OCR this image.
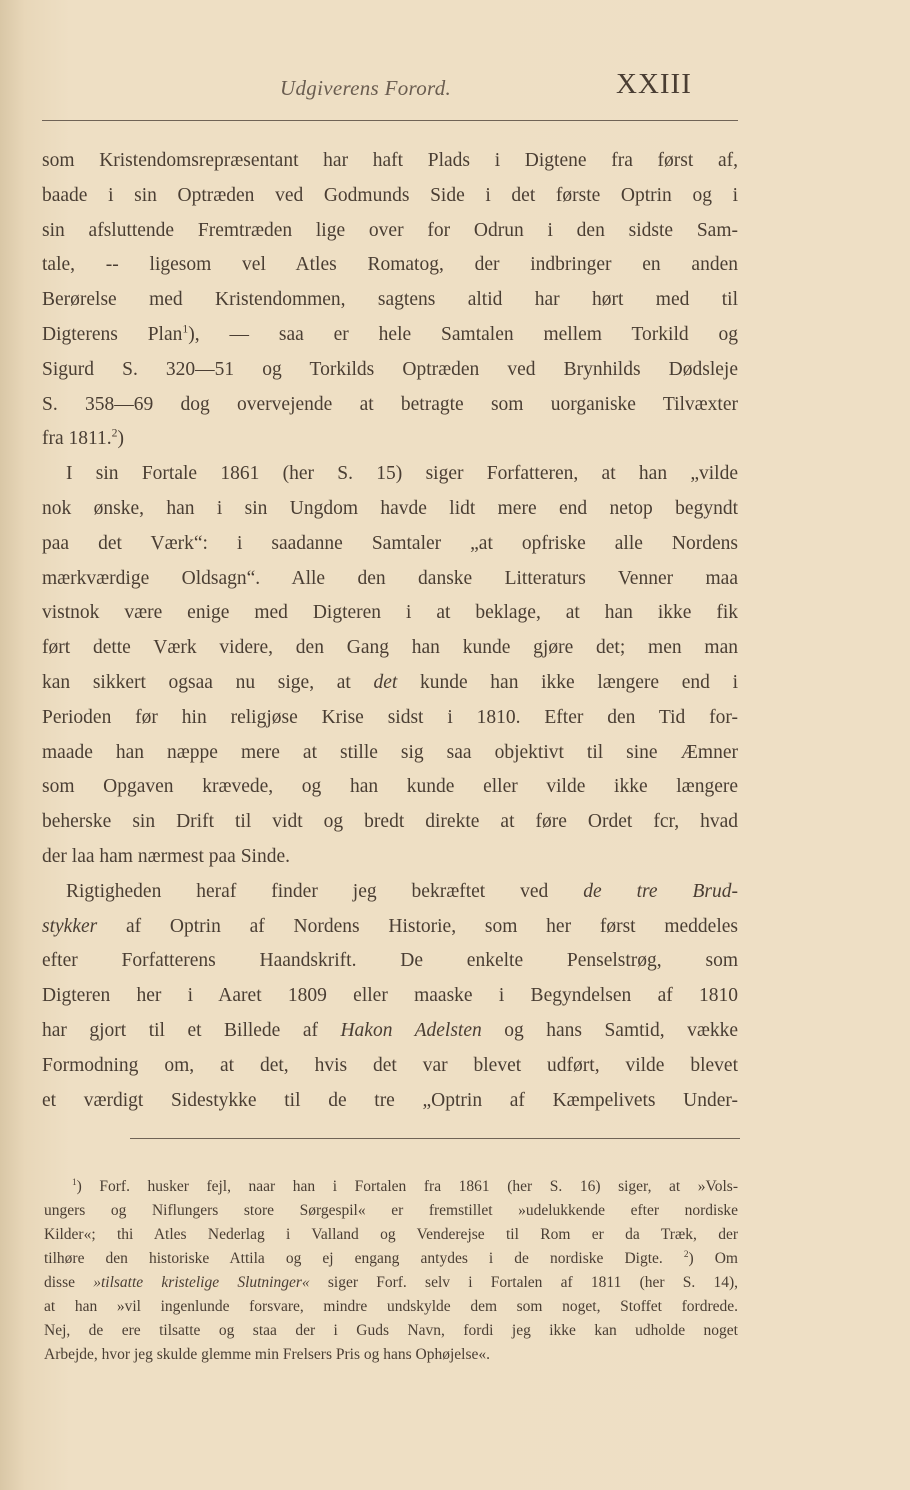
Udgiverens Forord.	XXIII
som Kristendomsrepræsentant har haft Plads i Digtene fra først af,
baade i sin Optræden ved Godmunds Side i det første Optrin og i
sin afsluttende Fremtræden lige over for Odrun i den sidste Sam-
tale, -- ligesom vel Atles Romatog, der indbringer en anden
Berørelse med Kristendommen, sagtens altid har hørt med til
Digterens Plan$^1$), — saa er hele Samtalen mellem Torkild og
Sigurd S. 320—51 og Torkilds Optræden ved Brynhilds Dødsleje
S. 358—69 dog overvejende at betragte som uorganiske Tilvæxter
fra 1811.$^2$)
I sin Fortale 1861 (her S. 15) siger Forfatteren, at han „vilde
nok ønske, han i sin Ungdom havde lidt mere end netop begyndt
paa det Værk“: i saadanne Samtaler „at opfriske alle Nordens
mærkværdige Oldsagn“. Alle den danske Litteraturs Venner maa
vistnok være enige med Digteren i at beklage, at han ikke fik
ført dette Værk videre, den Gang han kunde gjøre det; men man
kan sikkert ogsaa nu sige, at det kunde han ikke længere end i
Perioden før hin religjøse Krise sidst i 1810. Efter den Tid for-
maade han næppe mere at stille sig saa objektivt til sine Æmner
som Opgaven krævede, og han kunde eller vilde ikke længere
beherske sin Drift til vidt og bredt direkte at føre Ordet fcr, hvad
der laa ham nærmest paa Sinde.
Rigtigheden heraf finder jeg bekræftet ved de tre Brud-
stykker af Optrin af Nordens Historie, som her først meddeles
efter Forfatterens Haandskrift. De enkelte Penselstrøg, som
Digteren her i Aaret 1809 eller maaske i Begyndelsen af 1810
har gjort til et Billede af Hakon Adelsten og hans Samtid, vække
Formodning om, at det, hvis det var blevet udført, vilde blevet
et værdigt Sidestykke til de tre „Optrin af Kæmpelivets Under-
$^1$) Forf. husker fejl, naar han i Fortalen fra 1861 (her S. 16) siger, at »Vols-
ungers og Niflungers store Sørgespil« er fremstillet »udelukkende efter nordiske
Kilder«; thi Atles Nederlag i Valland og Venderejse til Rom er da Træk, der
tilhøre den historiske Attila og ej engang antydes i de nordiske Digte. $^2$) Om
disse »tilsatte kristelige Slutninger« siger Forf. selv i Fortalen af 1811 (her S. 14),
at han »vil ingenlunde forsvare, mindre undskylde dem som noget, Stoffet fordrede.
Nej, de ere tilsatte og staa der i Guds Navn, fordi jeg ikke kan udholde noget
Arbejde, hvor jeg skulde glemme min Frelsers Pris og hans Ophøjelse«.
